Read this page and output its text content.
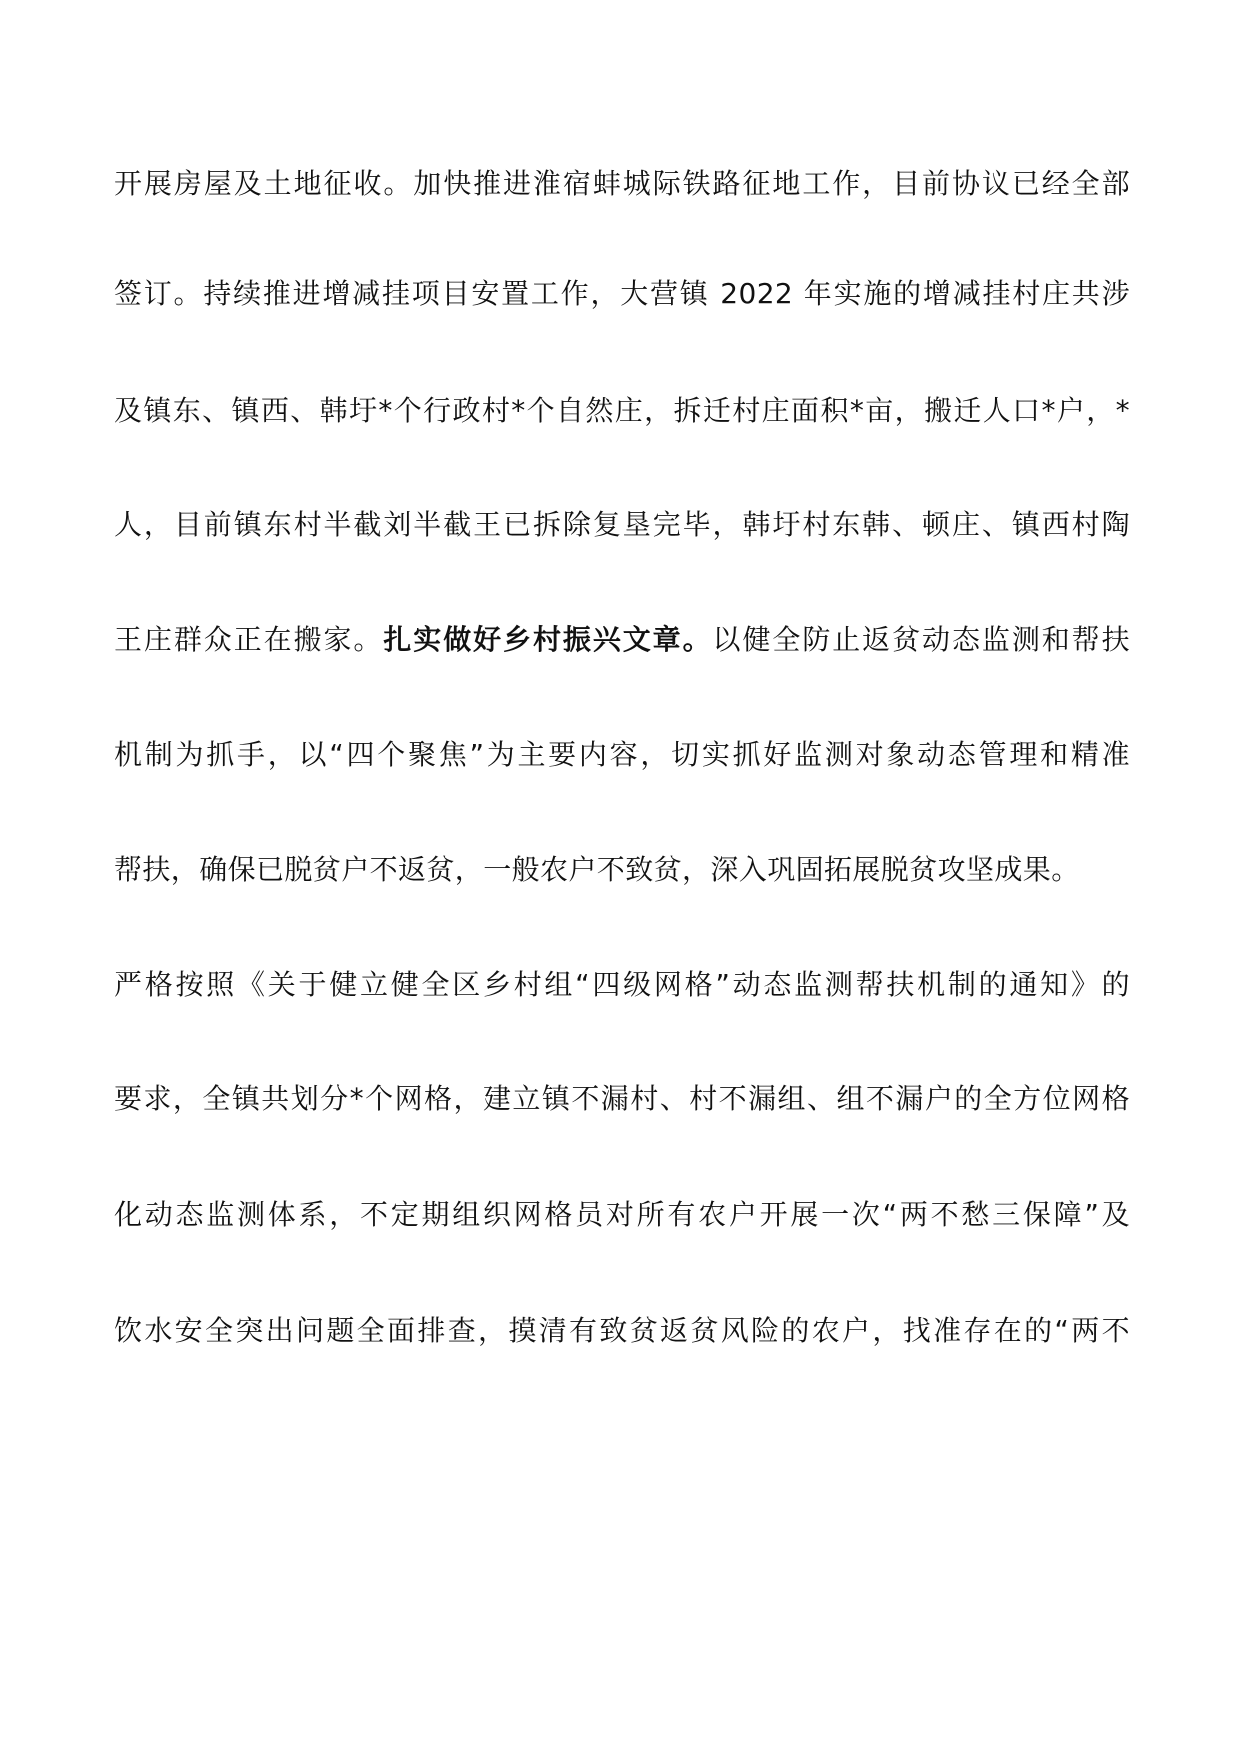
开展房屋及土地征收。加快推进淮宿蚌城际铁路征地工作，目前协议已经全部
签订。持续推进增减挂项目安置工作，大营镇 2022 年实施的增减挂村庄共涉
及镇东、镇西、韩圩*个行政村*个自然庄，拆迁村庄面积*亩，搬迁人口*户，*
人，目前镇东村半截刘半截王已拆除复垦完毕，韩圩村东韩、顿庄、镇西村陶
王庄群众正在搬家。扎实做好乡村振兴文章。以健全防止返贫动态监测和帮扶
机制为抓手，以“四个聚焦”为主要内容，切实抓好监测对象动态管理和精准
帮扶，确保已脱贫户不返贫，一般农户不致贫，深入巩固拓展脱贫攻坚成果。
严格按照《关于健立健全区乡村组“四级网格”动态监测帮扶机制的通知》的
要求，全镇共划分*个网格，建立镇不漏村、村不漏组、组不漏户的全方位网格
化动态监测体系，不定期组织网格员对所有农户开展一次“两不愁三保障”及
饮水安全突出问题全面排查，摸清有致贫返贫风险的农户，找准存在的“两不
